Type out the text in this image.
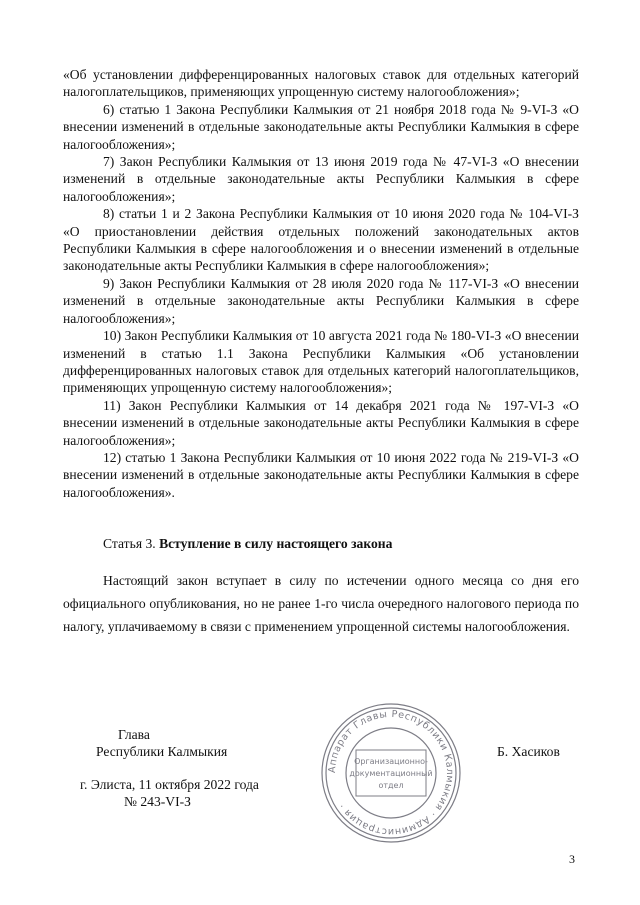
«Об установлении дифференцированных налоговых ставок для отдельных категорий налогоплательщиков, применяющих упрощенную систему налогообложения»;

6) статью 1 Закона Республики Калмыкия от 21 ноября 2018 года № 9-VI-З «О внесении изменений в отдельные законодательные акты Республики Калмыкия в сфере налогообложения»;

7) Закон Республики Калмыкия от 13 июня 2019 года № 47-VI-З «О внесении изменений в отдельные законодательные акты Республики Калмыкия в сфере налогообложения»;

8) статьи 1 и 2 Закона Республики Калмыкия от 10 июня 2020 года № 104-VI-З «О приостановлении действия отдельных положений законодательных актов Республики Калмыкия в сфере налогообложения и о внесении изменений в отдельные законодательные акты Республики Калмыкия в сфере налогообложения»;

9) Закон Республики Калмыкия от 28 июля 2020 года № 117-VI-З «О внесении изменений в отдельные законодательные акты Республики Калмыкия в сфере налогообложения»;

10) Закон Республики Калмыкия от 10 августа 2021 года № 180-VI-З «О внесении изменений в статью 1.1 Закона Республики Калмыкия «Об установлении дифференцированных налоговых ставок для отдельных категорий налогоплательщиков, применяющих упрощенную систему налогообложения»;

11) Закон Республики Калмыкия от 14 декабря 2021 года № 197-VI-З «О внесении изменений в отдельные законодательные акты Республики Калмыкия в сфере налогообложения»;

12) статью 1 Закона Республики Калмыкия от 10 июня 2022 года № 219-VI-З «О внесении изменений в отдельные законодательные акты Республики Калмыкия в сфере налогообложения».

Статья 3. Вступление в силу настоящего закона

Настоящий закон вступает в силу по истечении одного месяца со дня его официального опубликования, но не ранее 1-го числа очередного налогового периода по налогу, уплачиваемому в связи с применением упрощенной системы налогообложения.

Глава
Республики Калмыкия	Б. Хасиков
г. Элиста, 11 октября 2022 года
№ 243-VI-З
Аппарат Главы Республики Калмыкия · Администрация ·
Организационно-
документационный
отдел
3
